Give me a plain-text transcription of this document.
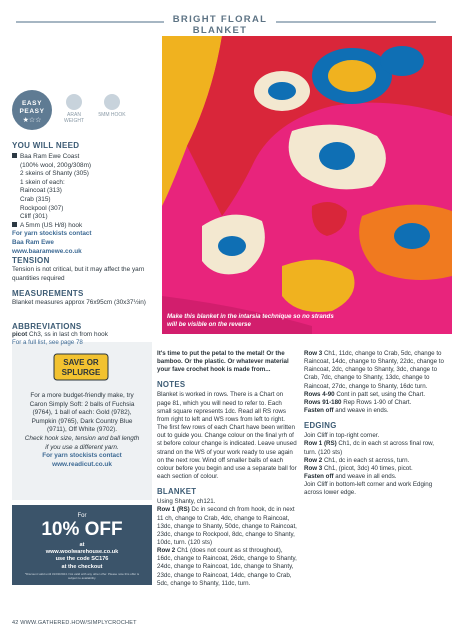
BRIGHT FLORAL BLANKET
EASY PEASY
★☆☆
ARAN WEIGHT
5MM HOOK
YOU WILL NEED
Baa Ram Ewe Coast
(100% wool, 200g/308m)
2 skeins of Shanty (305)
1 skein of each:
Raincoat (313)
Crab (315)
Rockpool (307)
Cliff (301)
A 5mm (US H/8) hook
For yarn stockists contact
Baa Ram Ewe
www.baaramewe.co.uk
TENSION
Tension is not critical, but it may affect the yarn quantities required
MEASUREMENTS
Blanket measures approx 76x95cm (30x37½in)
ABBREVIATIONS
picot Ch3, ss in last ch from hook
For a full list, see page 78
SAVE OR
SPLURGE
For a more budget-friendly make, try Caron Simply Soft: 2 balls of Fuchsia (9764), 1 ball of each: Gold (9782), Pumpkin (9765), Dark Country Blue (9711), Off White (9702).
Check hook size, tension and ball length if you use a different yarn.
For yarn stockists contact
www.readicut.co.uk
For
10% OFF
at
www.woolwarehouse.co.uk
use the code SC176
at the checkout
*Discount valid until 31/03/2024. Not valid with any other offer. Please note this offer is subject to availability.
42 WWW.GATHERED.HOW/SIMPLYCROCHET
Make this blanket in the intarsia technique so no strands will be visible on the reverse

It's time to put the petal to the metal! Or the bamboo. Or the plastic. Or whatever material your fave crochet hook is made from...

NOTES

Blanket is worked in rows. There is a Chart on page 81, which you will need to refer to. Each small square represents 1dc. Read all RS rows from right to left and WS rows from left to right. The first few rows of each Chart have been written out to guide you. Change colour on the final yrh of st before colour change is indicated. Leave unused strand on the WS of your work ready to use again on the next row. Wind off smaller balls of each colour before you begin and use a separate ball for each section of colour.

BLANKET

Using Shanty, ch121.

Row 1 (RS) Dc in second ch from hook, dc in next 11 ch, change to Crab, 4dc, change to Raincoat, 13dc, change to Shanty, 50dc, change to Raincoat, 23dc, change to Rockpool, 8dc, change to Shanty, 10dc, turn. (120 sts)

Row 2 Ch1 (does not count as st throughout), 16dc, change to Raincoat, 26dc, change to Shanty, 24dc, change to Raincoat, 1dc, change to Shanty, 23dc, change to Raincoat, 14dc, change to Crab, 5dc, change to Shanty, 11dc, turn.

Row 3 Ch1, 11dc, change to Crab, 5dc, change to Raincoat, 14dc, change to Shanty, 22dc, change to Raincoat, 2dc, change to Shanty, 3dc, change to Crab, 7dc, change to Shanty, 13dc, change to Raincoat, 27dc, change to Shanty, 16dc turn.

Rows 4-90 Cont in patt set, using the Chart.

Rows 91-180 Rep Rows 1-90 of Chart.

Fasten off and weave in ends.

EDGING

Join Cliff in top-right corner.

Row 1 (RS) Ch1, dc in each st across final row, turn. (120 sts)

Row 2 Ch1, dc in each st across, turn.

Row 3 Ch1, (picot, 3dc) 40 times, picot.

Fasten off and weave in all ends.

Join Cliff in bottom-left corner and work Edging across lower edge.
